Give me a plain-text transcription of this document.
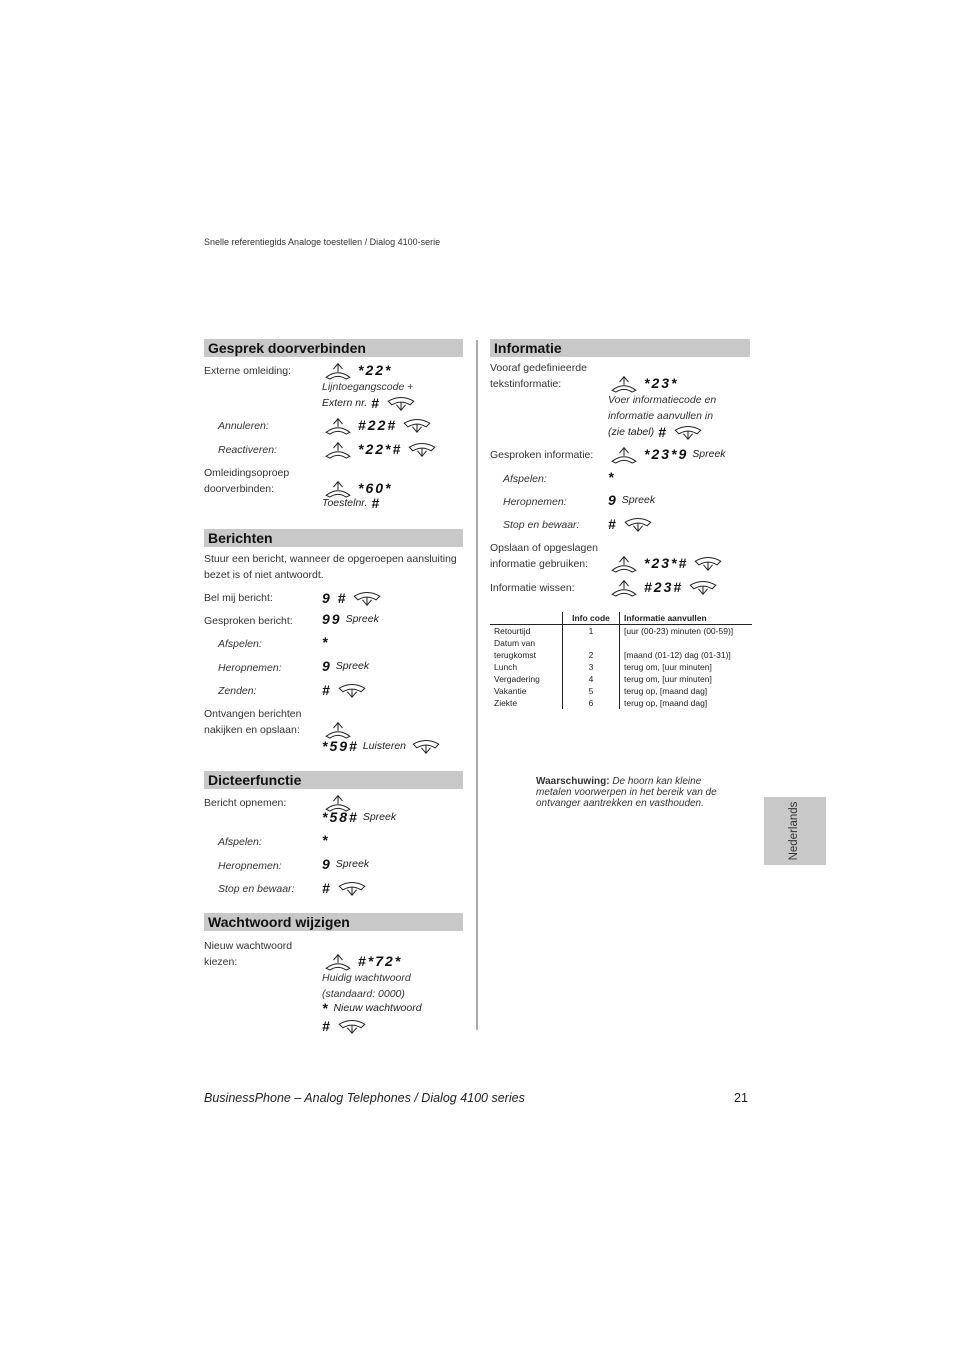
Snelle referentiegids Analoge toestellen / Dialog 4100-serie
Gesprek doorverbinden
Externe omleiding:	*22*
Lijntoegangscode +
Extern nr. #
Annuleren:	#22#
Reactiveren:	*22*#
Omleidingsoproep
doorverbinden:	*60*
Toestelnr. #
Berichten
Stuur een bericht, wanneer de opgeroepen aansluiting
bezet is of niet antwoordt.
Bel mij bericht:	9 #
Gesproken bericht: 99 Spreek
Afspelen:	*
Heropnemen:	9 Spreek
Zenden:	#
Ontvangen berichten
nakijken en opslaan:
*59# Luisteren
Dicteerfunctie
Bericht opnemen:
*58# Spreek
Afspelen:	*
Heropnemen:	9 Spreek
Stop en bewaar: #
Wachtwoord wijzigen
Nieuw wachtwoord
kiezen:	#*72*
Huidig wachtwoord
(standaard: 0000)
* Nieuw wachtwoord
#
Informatie
Vooraf gedefinieerde
tekstinformatie:	*23*
Voer informatiecode en
informatie aanvullen in
(zie tabel) #
Gesproken informatie:	*23*9 Spreek
Afspelen:	*
Heropnemen:	9 Spreek
Stop en bewaar: #
Opslaan of opgeslagen
informatie gebruiken:	*23*#
Informatie wissen:	#23#
	Info code	Informatie aanvullen
Retourtijd	1	[uur (00-23) minuten (00-59)]
Datum van		
terugkomst	2	[maand (01-12) dag (01-31)]
Lunch	3	terug om, [uur minuten]
Vergadering	4	terug om, [uur minuten]
Vakantie	5	terug op, [maand dag]
Ziekte	6	terug op, [maand dag]
Waarschuwing: De hoorn kan kleine
metalen voorwerpen in het bereik van de
ontvanger aantrekken en vasthouden.	Nederlands
BusinessPhone – Analog Telephones / Dialog 4100 series	21
